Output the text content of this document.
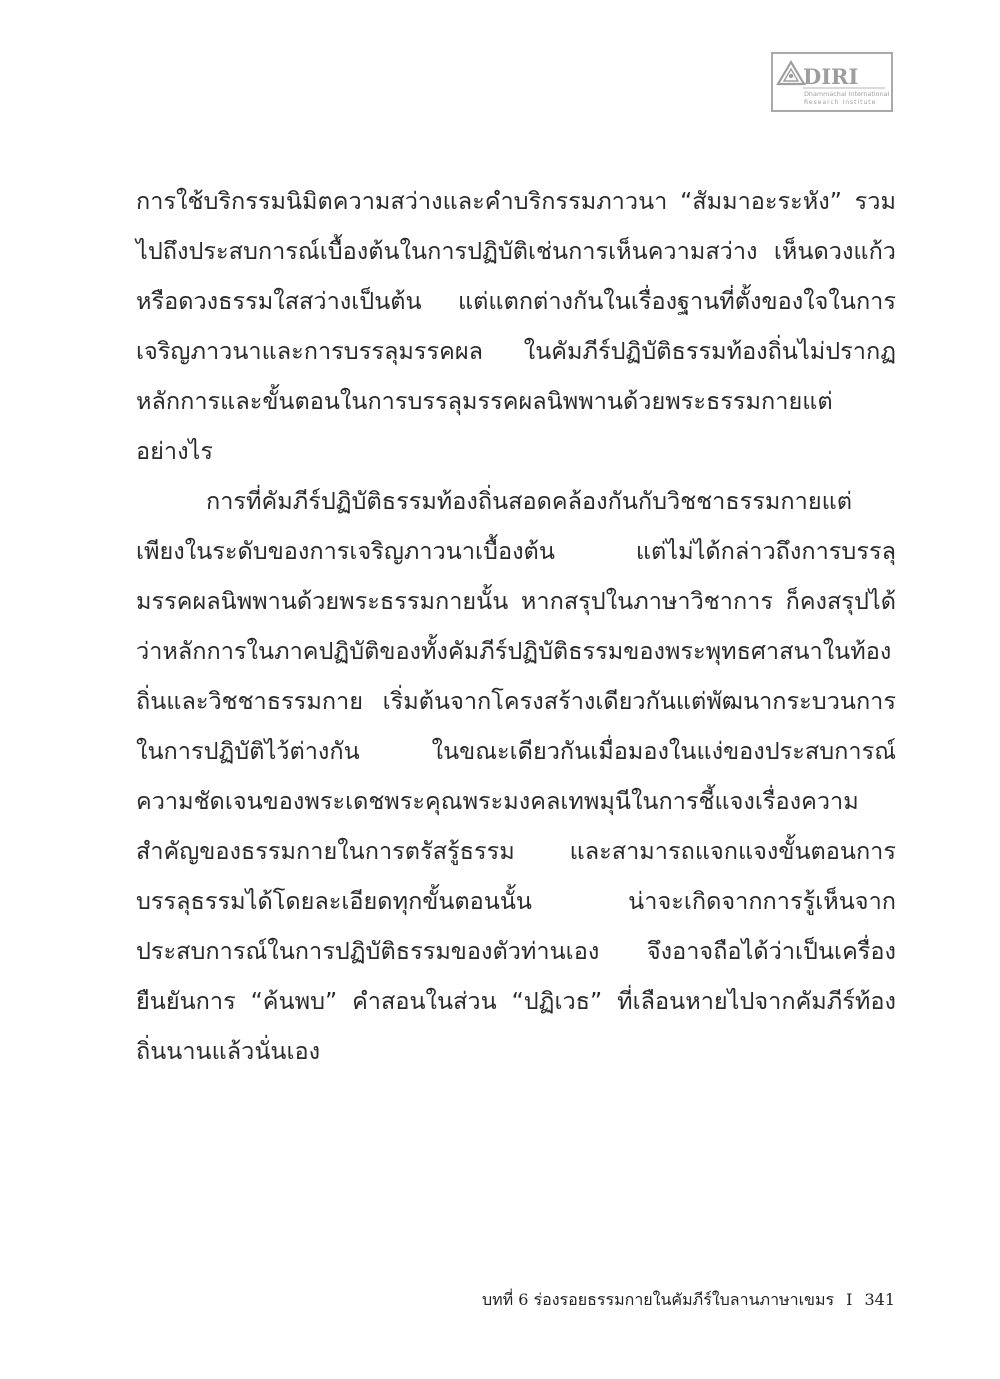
DIRI
Dhammachai International
Research Institute

การใช้บริกรรมนิมิตความสว่างและคำบริกรรมภาวนา “สัมมาอะระหัง” รวมไปถึงประสบการณ์เบื้องต้นในการปฏิบัติเช่นการเห็นความสว่าง เห็นดวงแก้วหรือดวงธรรมใสสว่างเป็นต้น แต่แตกต่างกันในเรื่องฐานที่ตั้งของใจในการเจริญภาวนาและการบรรลุมรรคผล ในคัมภีร์ปฏิบัติธรรมท้องถิ่นไม่ปรากฏหลักการและขั้นตอนในการบรรลุมรรคผลนิพพานด้วยพระธรรมกายแต่อย่างไร

การที่คัมภีร์ปฏิบัติธรรมท้องถิ่นสอดคล้องกันกับวิชชาธรรมกายแต่เพียงในระดับของการเจริญภาวนาเบื้องต้น แต่ไม่ได้กล่าวถึงการบรรลุมรรคผลนิพพานด้วยพระธรรมกายนั้น หากสรุปในภาษาวิชาการ ก็คงสรุปได้ว่าหลักการในภาคปฏิบัติของทั้งคัมภีร์ปฏิบัติธรรมของพระพุทธศาสนาในท้องถิ่นและวิชชาธรรมกาย เริ่มต้นจากโครงสร้างเดียวกันแต่พัฒนากระบวนการในการปฏิบัติไว้ต่างกัน ในขณะเดียวกันเมื่อมองในแง่ของประสบการณ์ ความชัดเจนของพระเดชพระคุณพระมงคลเทพมุนีในการชี้แจงเรื่องความสำคัญของธรรมกายในการตรัสรู้ธรรม และสามารถแจกแจงขั้นตอนการบรรลุธรรมได้โดยละเอียดทุกขั้นตอนนั้น น่าจะเกิดจากการรู้เห็นจากประสบการณ์ในการปฏิบัติธรรมของตัวท่านเอง จึงอาจถือได้ว่าเป็นเครื่องยืนยันการ “ค้นพบ” คำสอนในส่วน “ปฏิเวธ” ที่เลือนหายไปจากคัมภีร์ท้องถิ่นนานแล้วนั่นเอง

บทที่ 6 ร่องรอยธรรมกายในคัมภีร์ใบลานภาษาเขมร I 341
